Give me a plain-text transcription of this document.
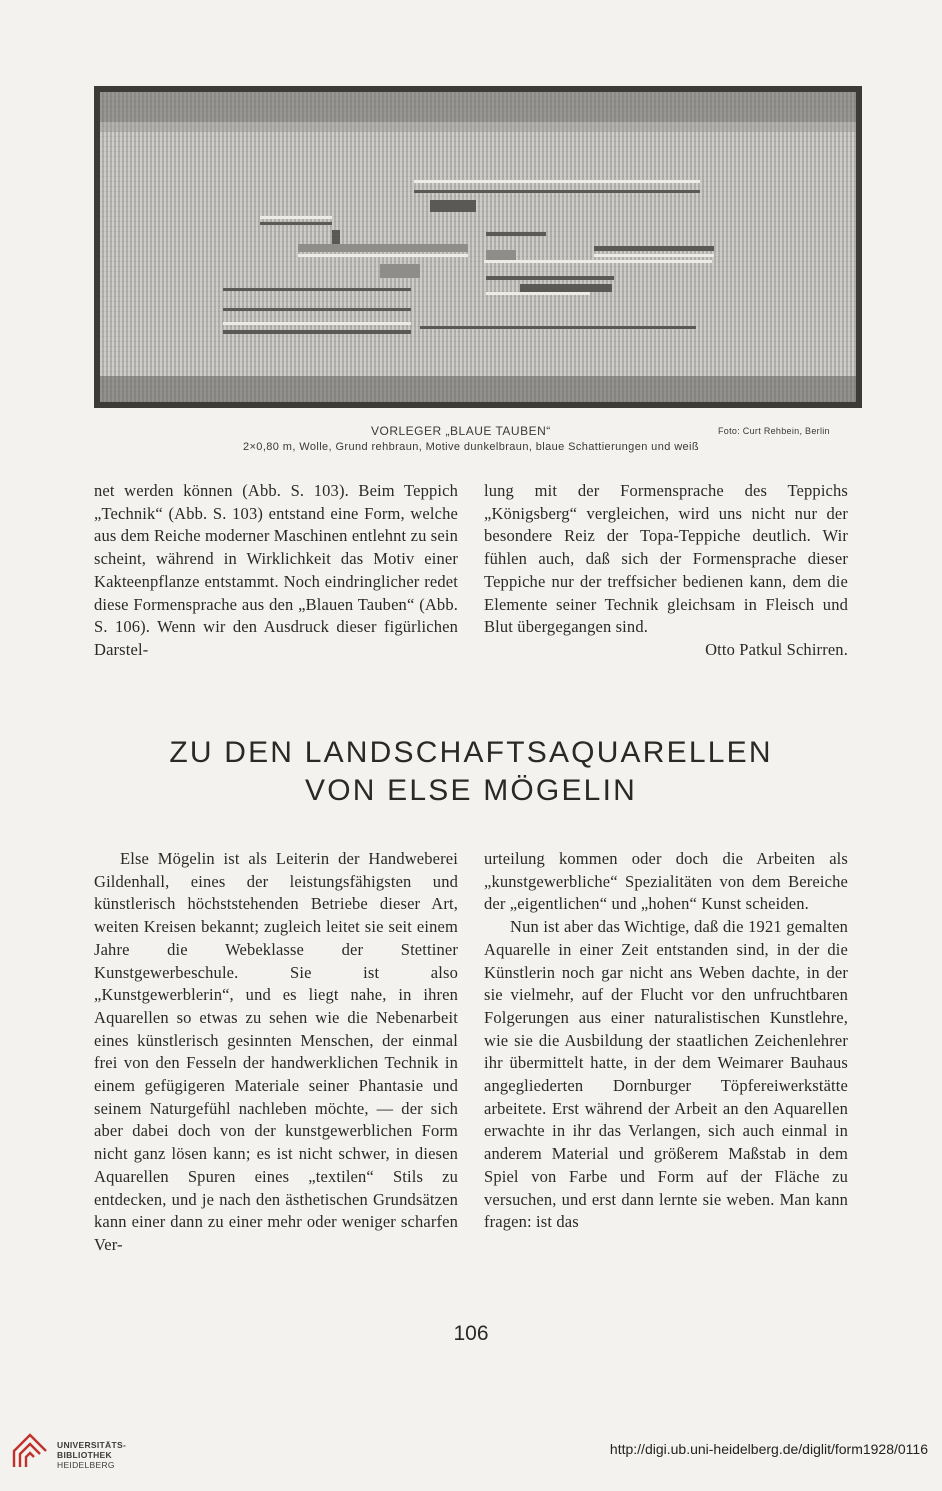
VORLEGER „BLAUE TAUBEN“	Foto: Curt Rehbein, Berlin
2×0,80 m, Wolle, Grund rehbraun, Motive dunkelbraun, blaue Schattierungen und weiß

net werden können (Abb. S. 103). Beim Teppich „Technik“ (Abb. S. 103) entstand eine Form, welche aus dem Reiche moderner Maschinen entlehnt zu sein scheint, während in Wirklichkeit das Motiv einer Kakteenpflanze entstammt. Noch eindringlicher redet diese Formensprache aus den „Blauen Tauben“ (Abb. S. 106). Wenn wir den Ausdruck dieser figürlichen Darstel-

lung mit der Formensprache des Teppichs „Königsberg“ vergleichen, wird uns nicht nur der besondere Reiz der Topa-Teppiche deutlich. Wir fühlen auch, daß sich der Formensprache dieser Teppiche nur der treffsicher bedienen kann, dem die Elemente seiner Technik gleichsam in Fleisch und Blut übergegangen sind.

Otto Patkul Schirren.

ZU DEN LANDSCHAFTSAQUARELLEN
VON ELSE MÖGELIN

Else Mögelin ist als Leiterin der Handweberei Gildenhall, eines der leistungsfähigsten und künstlerisch höchststehenden Betriebe dieser Art, weiten Kreisen bekannt; zugleich leitet sie seit einem Jahre die Webeklasse der Stettiner Kunstgewerbeschule. Sie ist also „Kunstgewerblerin“, und es liegt nahe, in ihren Aquarellen so etwas zu sehen wie die Nebenarbeit eines künstlerisch gesinnten Menschen, der einmal frei von den Fesseln der handwerklichen Technik in einem gefügigeren Materiale seiner Phantasie und seinem Naturgefühl nachleben möchte, — der sich aber dabei doch von der kunstgewerblichen Form nicht ganz lösen kann; es ist nicht schwer, in diesen Aquarellen Spuren eines „textilen“ Stils zu entdecken, und je nach den ästhetischen Grundsätzen kann einer dann zu einer mehr oder weniger scharfen Ver-

urteilung kommen oder doch die Arbeiten als „kunstgewerbliche“ Spezialitäten von dem Bereiche der „eigentlichen“ und „hohen“ Kunst scheiden.

Nun ist aber das Wichtige, daß die 1921 gemalten Aquarelle in einer Zeit entstanden sind, in der die Künstlerin noch gar nicht ans Weben dachte, in der sie vielmehr, auf der Flucht vor den unfruchtbaren Folgerungen aus einer naturalistischen Kunstlehre, wie sie die Ausbildung der staatlichen Zeichenlehrer ihr übermittelt hatte, in der dem Weimarer Bauhaus angegliederten Dornburger Töpfereiwerkstätte arbeitete. Erst während der Arbeit an den Aquarellen erwachte in ihr das Verlangen, sich auch einmal in anderem Material und größerem Maßstab in dem Spiel von Farbe und Form auf der Fläche zu versuchen, und erst dann lernte sie weben. Man kann fragen: ist das

106
UNIVERSITÄTS-
BIBLIOTHEK
HEIDELBERG
http://digi.ub.uni-heidelberg.de/diglit/form1928/0116
